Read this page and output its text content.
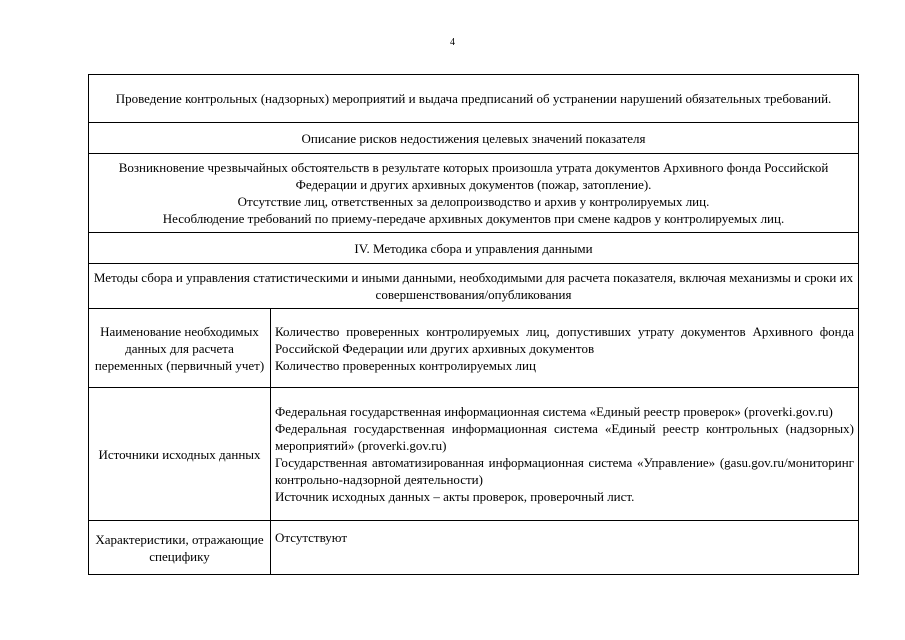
4
Проведение контрольных (надзорных) мероприятий и выдача предписаний об устранении нарушений обязательных требований.	
Описание рисков недостижения целевых значений показателя	

Возникновение чрезвычайных обстоятельств в результате которых произошла утрата документов Архивного фонда Российской Федерации и других архивных документов (пожар, затопление).
Отсутствие лиц, ответственных за делопроизводство и архив у контролируемых лиц.
Несоблюдение требований по приему-передаче архивных документов при смене кадров у контролируемых лиц.	

IV. Методика сбора и управления данными	
Методы сбора и управления статистическими и иными данными, необходимыми для расчета показателя, включая механизмы и сроки их совершенствования/опубликования	
Наименование необходимых данных для расчета переменных (первичный учет)	Количество проверенных контролируемых лиц, допустивших утрату документов Архивного фонда Российской Федерации или других архивных документов
Количество проверенных контролируемых лиц

Источники исходных данных	Федеральная государственная информационная система «Единый реестр проверок» (proverki.gov.ru)
Федеральная государственная информационная система «Единый реестр контрольных (надзорных) мероприятий» (proverki.gov.ru)
Государственная автоматизированная информационная система «Управление» (gasu.gov.ru/мониторинг контрольно-надзорной деятельности)
Источник исходных данных – акты проверок, проверочный лист.

Характеристики, отражающие специфику	Отсутствуют
